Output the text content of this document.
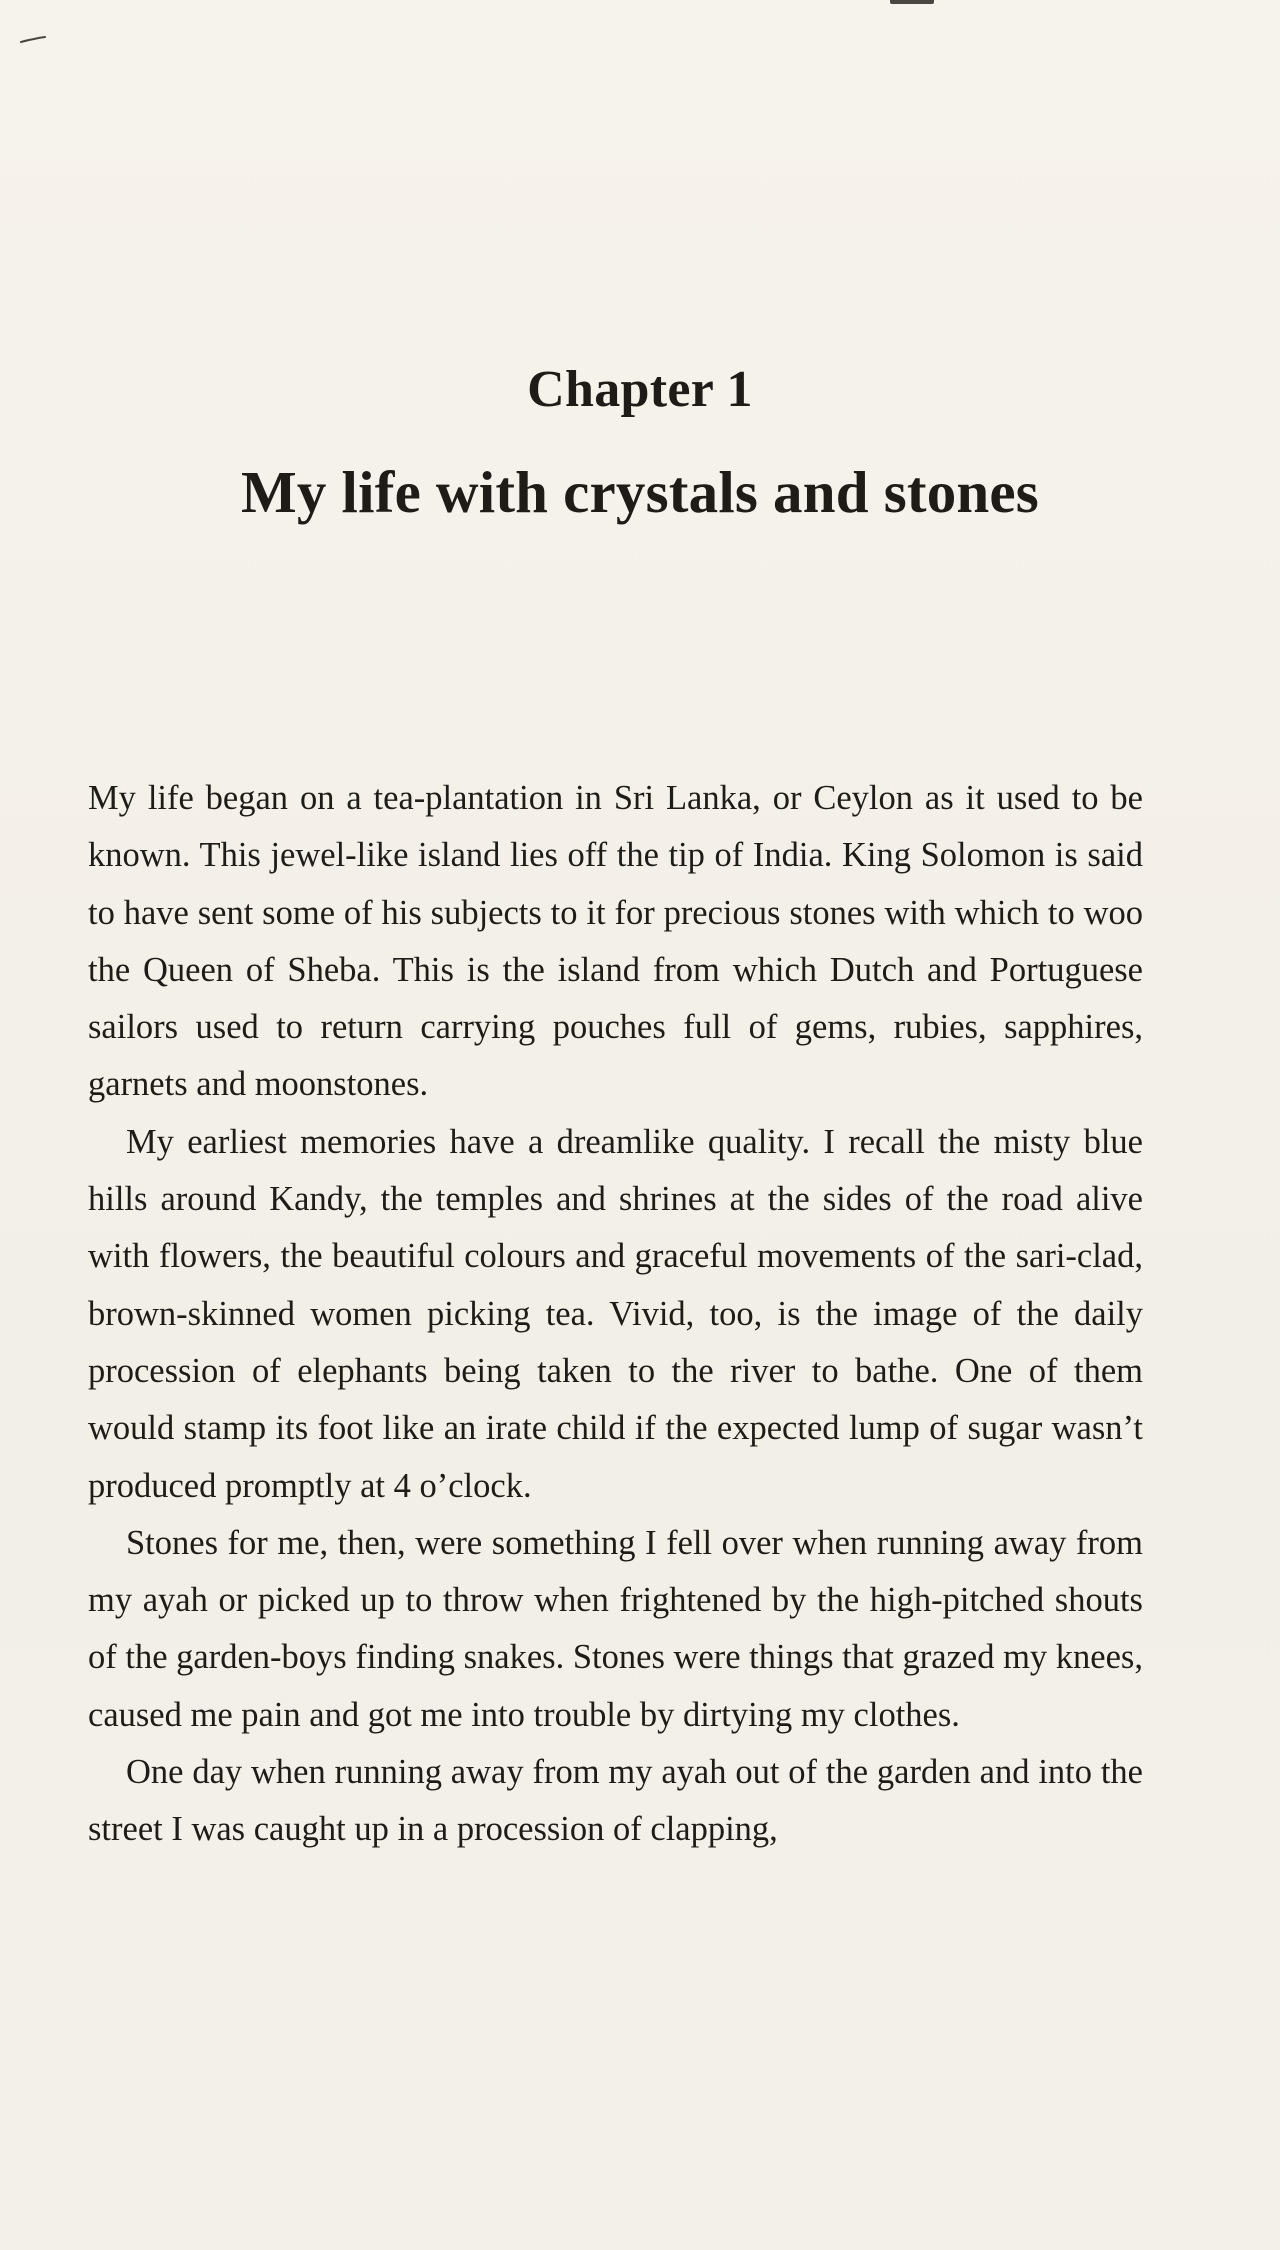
Chapter 1
My life with crystals and stones

My life began on a tea-plantation in Sri Lanka, or Ceylon as it used to be known. This jewel-like island lies off the tip of India. King Solomon is said to have sent some of his subjects to it for precious stones with which to woo the Queen of Sheba. This is the island from which Dutch and Portuguese sailors used to return carrying pouches full of gems, rubies, sapphires, garnets and moonstones.

My earliest memories have a dreamlike quality. I recall the misty blue hills around Kandy, the temples and shrines at the sides of the road alive with flowers, the beautiful colours and graceful movements of the sari-clad, brown-skinned women picking tea. Vivid, too, is the image of the daily procession of elephants being taken to the river to bathe. One of them would stamp its foot like an irate child if the expected lump of sugar wasn’t produced promptly at 4 o’clock.

Stones for me, then, were something I fell over when running away from my ayah or picked up to throw when frightened by the high-pitched shouts of the garden-boys finding snakes. Stones were things that grazed my knees, caused me pain and got me into trouble by dirtying my clothes.

One day when running away from my ayah out of the garden and into the street I was caught up in a procession of clapping,
